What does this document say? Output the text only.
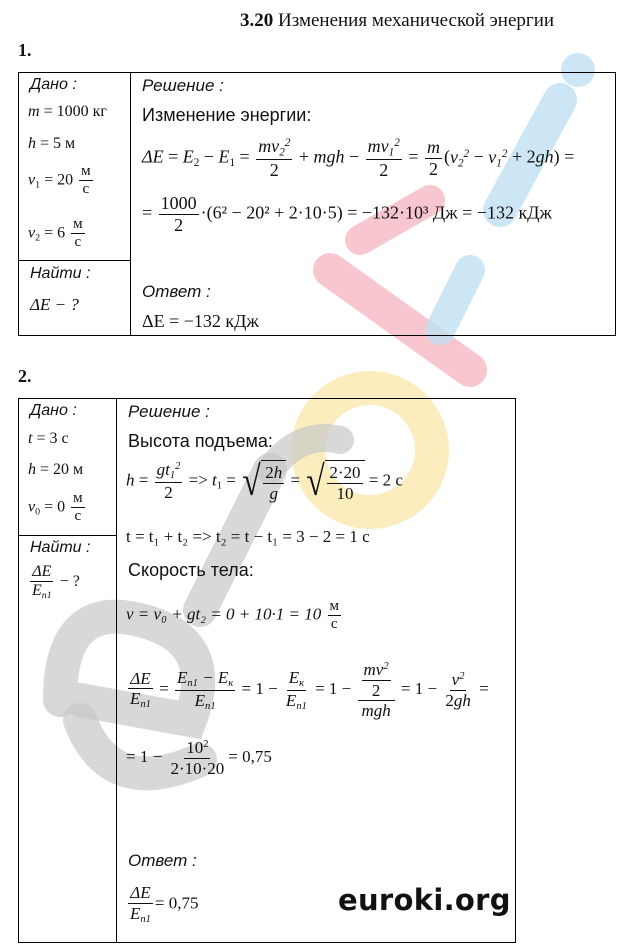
3.20 Изменения механической энергии
1.
Дано :
m = 1000 кг
h = 5 м
$v_1 = 20 \frac{м}{с}$
$v_2 = 6 \frac{м}{с}$
Найти :
ΔE − ?
Решение :
Изменение энергии:
$\Delta E = E_2 - E_1 = \frac{mv_2^2}{2}$ + mgh − $\frac{mv_1^2}{2} = \frac{m}{2} (v_2^2 - v_1^2 + 2gh)$ =
= $\frac{1000}{2} \cdot(6^2 - 20^2 + 2\cdot 10\cdot 5) = -132\cdot 10^3$ Дж = −132 кДж
Ответ :
ΔE = −132 кДж
2.
Дано :
t = 3 с
h = 20 м
$v_0 = 0 \frac{м}{с}$
Найти :
$\frac{\Delta E}{E_{п1}}$ − ?
Решение :
Высота подъема:
$h = \frac{gt_1^2}{2} => t_1$ = √ $\frac{2h}{g}$ = √ $\frac{2\cdot 20}{10} = 2$ с
t = t₁ + t₂ => t₂ = t − t₁ = 3 − 2 = 1 с
Скорость тела:
$v = v_0 + gt_2 = 0 + 10\cdot 1 = 10 \frac{м}{с}$
$\frac{\Delta E}{E_{п1}} = \frac{E_{п1} - E_к}{E_{п1}} = 1 - \frac{E_к}{E_{п1}} = 1 - \frac{\frac{mv^2}{2}}{\text{mgh}} = 1 - \frac{v^2}{2gh}$ =
= $1 - \frac{10^2}{2\cdot 10\cdot 20} = 0,75$
Ответ :
$\frac{\Delta E}{E_{п1}} = 0,75$	euroki.org
